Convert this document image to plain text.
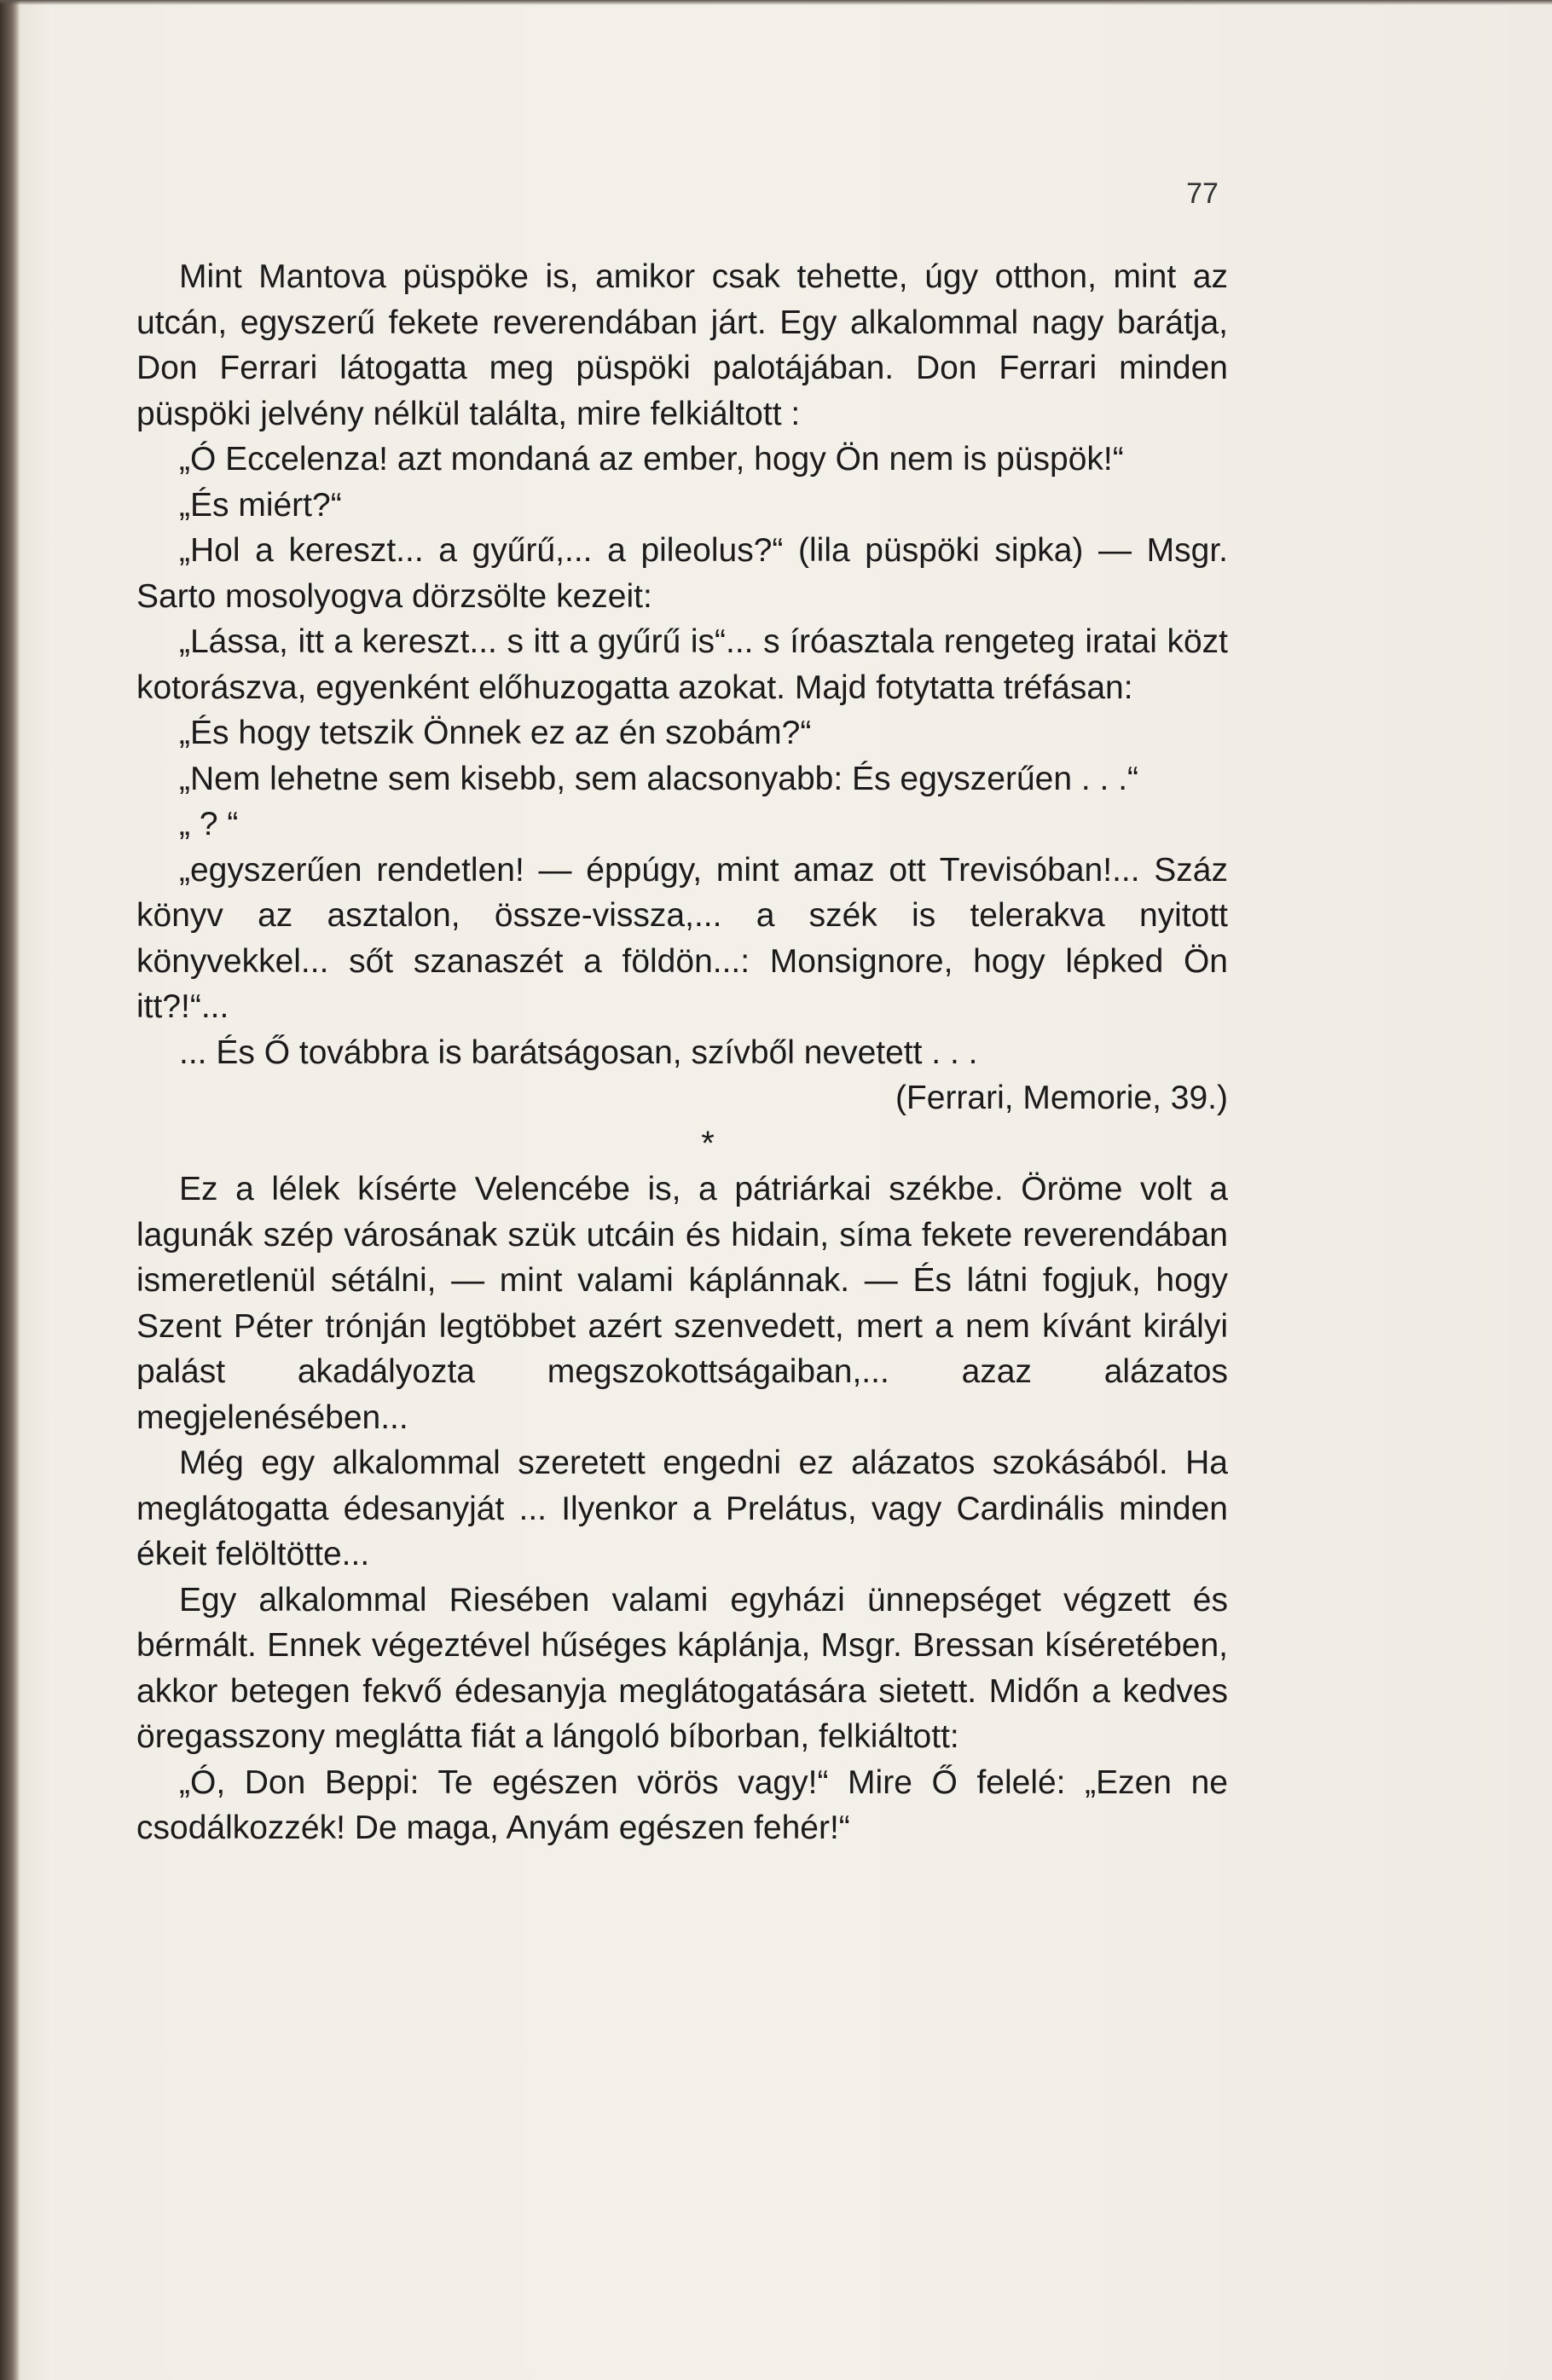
77

Mint Mantova püspöke is, amikor csak tehette, úgy otthon, mint az utcán, egyszerű fekete reverendában járt. Egy alkalommal nagy barátja, Don Ferrari látogatta meg püspöki palotájában. Don Ferrari minden püspöki jelvény nélkül találta, mire felkiáltott :

„Ó Eccelenza! azt mondaná az ember, hogy Ön nem is püspök!“

„És miért?“

„Hol a kereszt... a gyűrű,... a pileolus?“ (lila püspöki sipka) — Msgr. Sarto mosolyogva dörzsölte kezeit:

„Lássa, itt a kereszt... s itt a gyűrű is“... s íróasztala rengeteg iratai közt kotorászva, egyenként előhuzogatta azokat. Majd fotytatta tréfásan:

„És hogy tetszik Önnek ez az én szobám?“

„Nem lehetne sem kisebb, sem alacsonyabb: És egyszerűen . . .“

„ ? “

„egyszerűen rendetlen! — éppúgy, mint amaz ott Trevisóban!... Száz könyv az asztalon, össze-vissza,... a szék is telerakva nyitott könyvekkel... sőt szanaszét a földön...: Monsignore, hogy lépked Ön itt?!“...

... És Ő továbbra is barátságosan, szívből nevetett . . .

(Ferrari, Memorie, 39.)

*

Ez a lélek kísérte Velencébe is, a pátriárkai székbe. Öröme volt a lagunák szép városának szük utcáin és hidain, síma fekete reverendában ismeretlenül sétálni, — mint valami káplánnak. — És látni fogjuk, hogy Szent Péter trónján legtöbbet azért szenvedett, mert a nem kívánt királyi palást akadályozta megszokottságaiban,... azaz alázatos megjelenésében...

Még egy alkalommal szeretett engedni ez alázatos szokásából. Ha meglátogatta édesanyját ... Ilyenkor a Prelátus, vagy Cardinális minden ékeit felöltötte...

Egy alkalommal Riesében valami egyházi ünnepséget végzett és bérmált. Ennek végeztével hűséges káplánja, Msgr. Bressan kíséretében, akkor betegen fekvő édesanyja meglátogatására sietett. Midőn a kedves öregasszony meglátta fiát a lángoló bíborban, felkiáltott:

„Ó, Don Beppi: Te egészen vörös vagy!“ Mire Ő felelé: „Ezen ne csodálkozzék! De maga, Anyám egészen fehér!“
